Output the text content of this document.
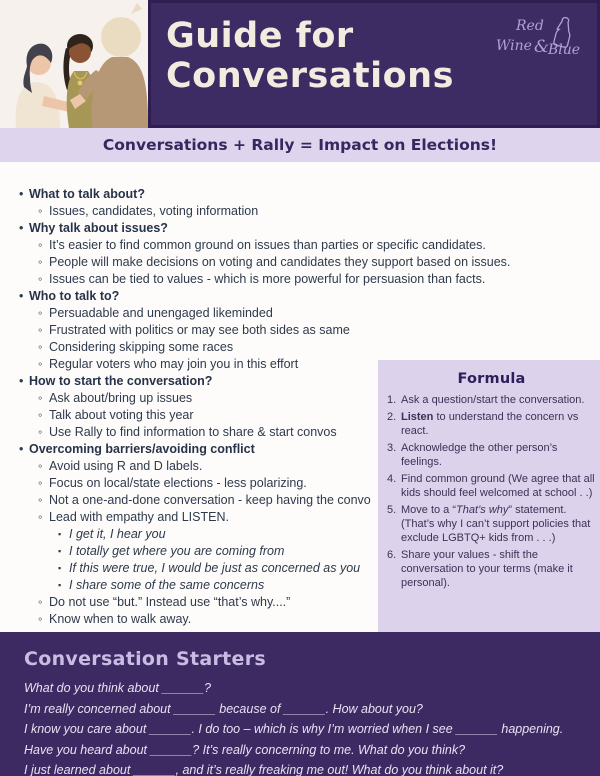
Guide for
Conversations
Red
Wine &
Blue
Conversations + Rally = Impact on Elections!
• What to talk about?
◦ Issues, candidates, voting information
• Why talk about issues?
◦ It’s easier to find common ground on issues than parties or specific candidates.
◦ People will make decisions on voting and candidates they support based on issues.
◦ Issues can be tied to values - which is more powerful for persuasion than facts.
• Who to talk to?
◦ Persuadable and unengaged likeminded
◦ Frustrated with politics or may see both sides as same
◦ Considering skipping some races
◦ Regular voters who may join you in this effort
• How to start the conversation?
◦ Ask about/bring up issues
◦ Talk about voting this year
◦ Use Rally to find information to share & start convos
• Overcoming barriers/avoiding conflict
◦ Avoid using R and D labels.
◦ Focus on local/state elections - less polarizing.
◦ Not a one-and-done conversation - keep having the convo
◦ Lead with empathy and LISTEN.
▪ I get it, I hear you
▪ I totally get where you are coming from
▪ If this were true, I would be just as concerned as you
▪ I share some of the same concerns
◦ Do not use “but.” Instead use “that’s why....”
◦ Know when to walk away.
Formula
Ask a question/start the conversation.
Listen to understand the concern vs react.
Acknowledge the other person’s feelings.
Find common ground (We agree that all kids should feel welcomed at school . .)
Move to a “That’s why” statement. (That’s why I can’t support policies that exclude LGBTQ+ kids from . . .)
Share your values - shift the conversation to your terms (make it personal).
Conversation Starters

What do you think about ______?

I’m really concerned about ______ because of ______. How about you?

I know you care about ______. I do too – which is why I’m worried when I see ______ happening.

Have you heard about ______? It’s really concerning to me. What do you think?

I just learned about ______, and it’s really freaking me out! What do you think about it?
